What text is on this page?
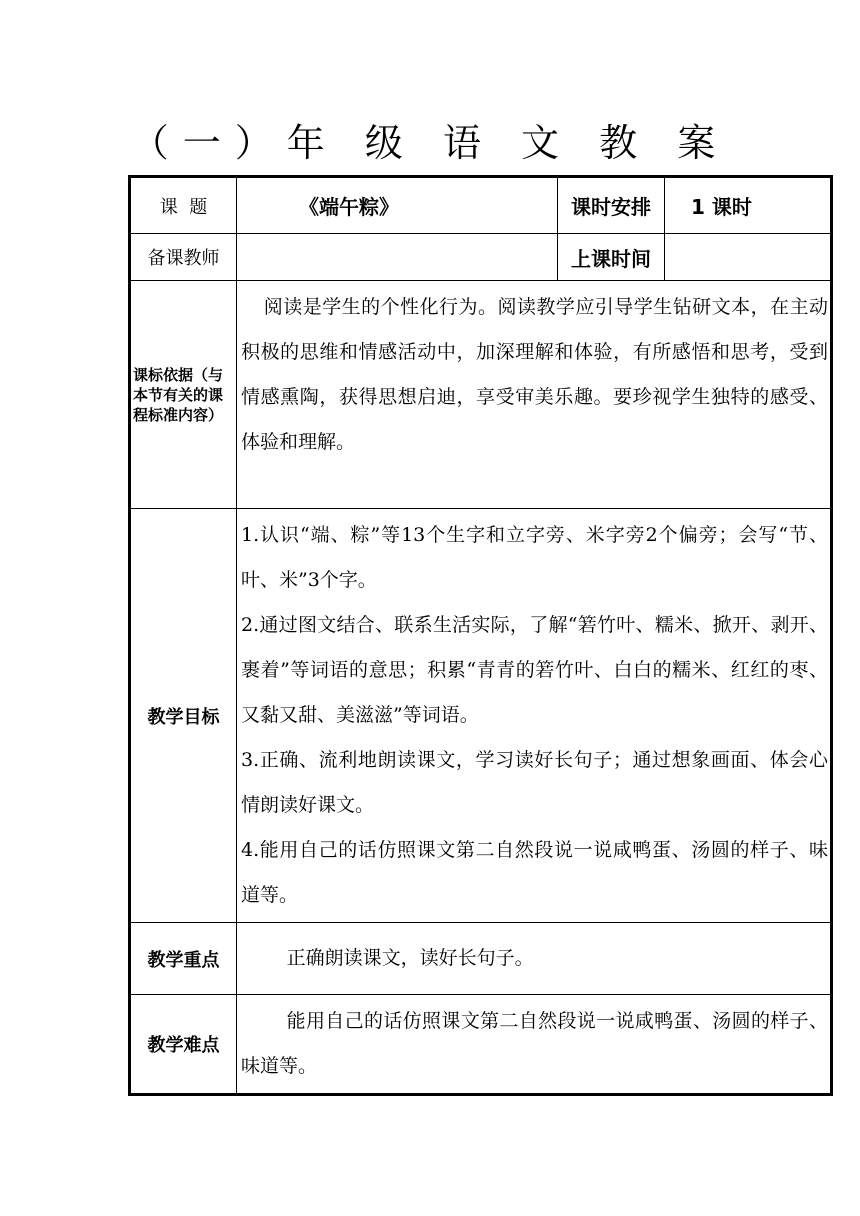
（一）年 级 语 文 教 案
课  题	《端午粽》	课时安排	1 课时
备课教师		上课时间	
课标依据（与本节有关的课程标准内容）	阅读是学生的个性化行为。阅读教学应引导学生钻研文本，在主动积极的思维和情感活动中，加深理解和体验，有所感悟和思考，受到情感熏陶，获得思想启迪，享受审美乐趣。要珍视学生独特的感受、体验和理解。		

教学目标	1.认识“端、粽”等13个生字和立字旁、米字旁2个偏旁；会写“节、叶、米”3个字。

2.通过图文结合、联系生活实际，了解“箬竹叶、糯米、掀开、剥开、裹着”等词语的意思；积累“青青的箬竹叶、白白的糯米、红红的枣、又黏又甜、美滋滋”等词语。

3.正确、流利地朗读课文，学习读好长句子；通过想象画面、体会心情朗读好课文。

4.能用自己的话仿照课文第二自然段说一说咸鸭蛋、汤圆的样子、味道等。		

教学重点	正确朗读课文，读好长句子。		

教学难点	能用自己的话仿照课文第二自然段说一说咸鸭蛋、汤圆的样子、味道等。		
